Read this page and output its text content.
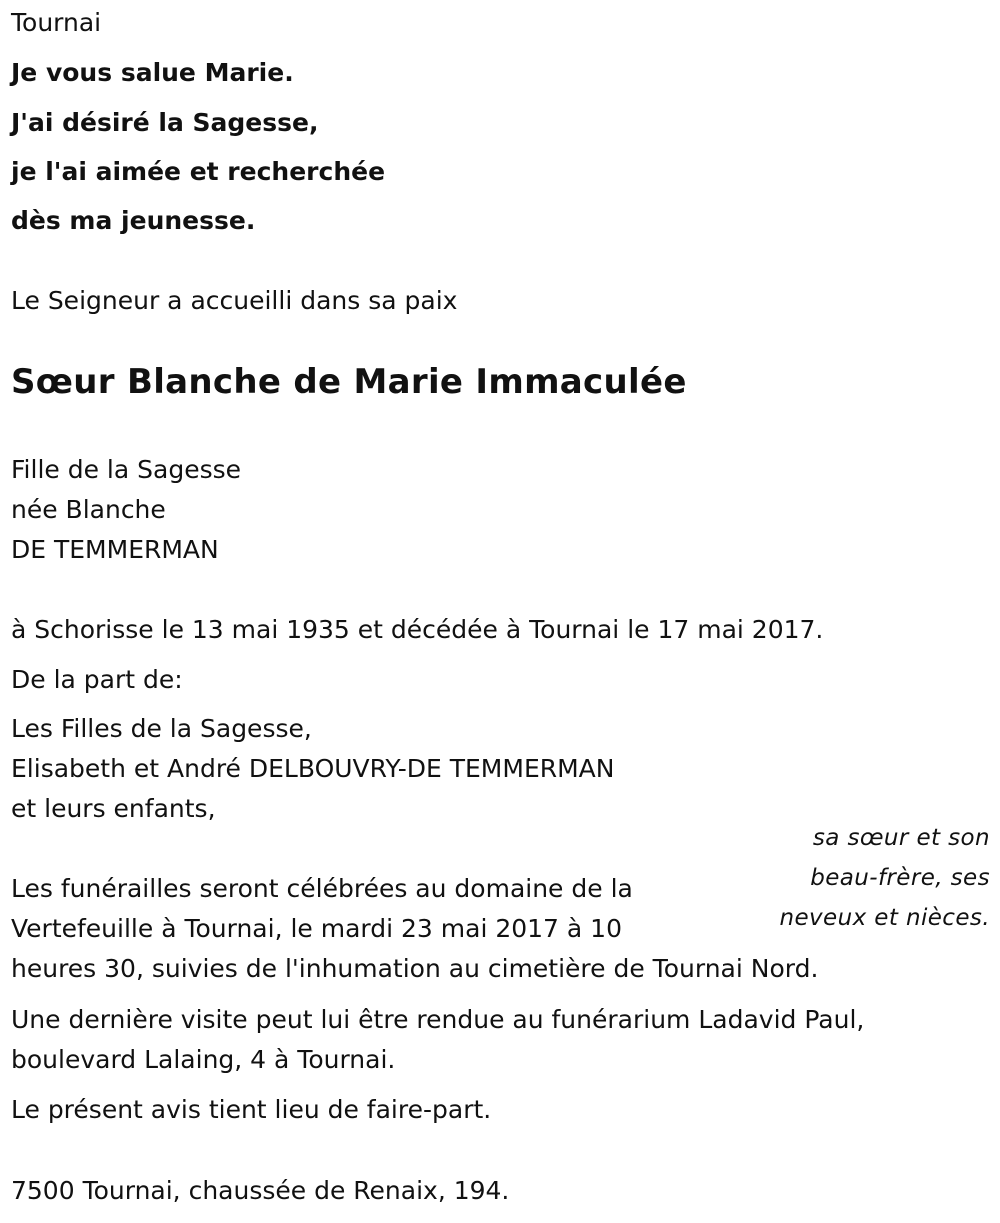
Tournai
Je vous salue Marie.
J'ai désiré la Sagesse,
je l'ai aimée et recherchée
dès ma jeunesse.
Le Seigneur a accueilli dans sa paix
Sœur Blanche de Marie Immaculée
Fille de la Sagesse
née Blanche
DE TEMMERMAN
à Schorisse le 13 mai 1935 et décédée à Tournai le 17 mai 2017.
De la part de:
Les Filles de la Sagesse,
Elisabeth et André DELBOUVRY-DE TEMMERMAN
et leurs enfants,
sa sœur et son
beau-frère, ses
neveux et nièces.
Les funérailles seront célébrées au domaine de la
Vertefeuille à Tournai, le mardi 23 mai 2017 à 10
heures 30, suivies de l'inhumation au cimetière de Tournai Nord.
Une dernière visite peut lui être rendue au funérarium Ladavid Paul,
boulevard Lalaing, 4 à Tournai.
Le présent avis tient lieu de faire-part.
7500 Tournai, chaussée de Renaix, 194.
